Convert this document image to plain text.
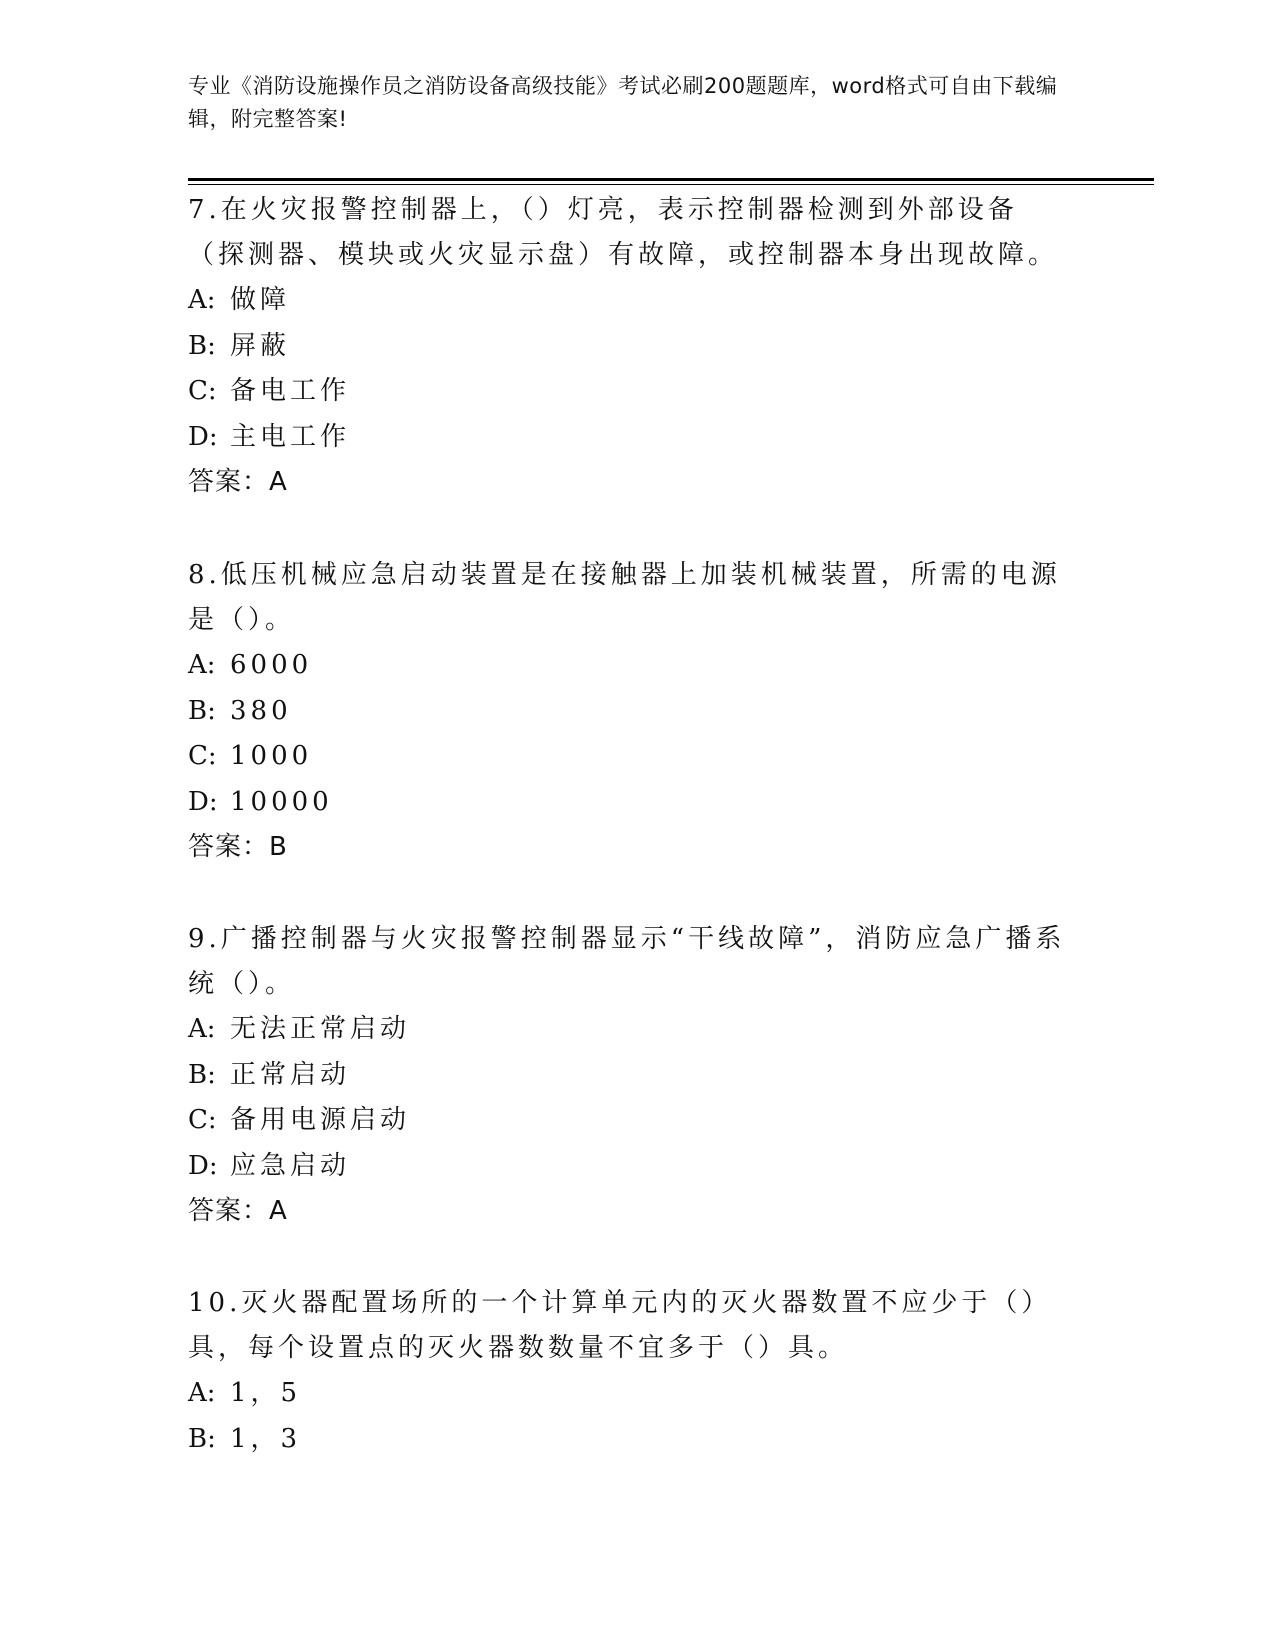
专业《消防设施操作员之消防设备高级技能》考试必刷200题题库，word格式可自由下载编辑，附完整答案!

7.在火灾报警控制器上，（）灯亮，表示控制器检测到外部设备（探测器、模块或火灾显示盘）有故障，或控制器本身出现故障。

A: 做障

B: 屏蔽

C: 备电工作

D: 主电工作

答案：A

8.低压机械应急启动装置是在接触器上加装机械装置，所需的电源是（）。

A: 6000

B: 380

C: 1000

D: 10000

答案：B

9.广播控制器与火灾报警控制器显示“干线故障”，消防应急广播系统（）。

A: 无法正常启动

B: 正常启动

C: 备用电源启动

D: 应急启动

答案：A

10.灭火器配置场所的一个计算单元内的灭火器数置不应少于（）具，每个设置点的灭火器数数量不宜多于（）具。

A: 1，5

B: 1，3
